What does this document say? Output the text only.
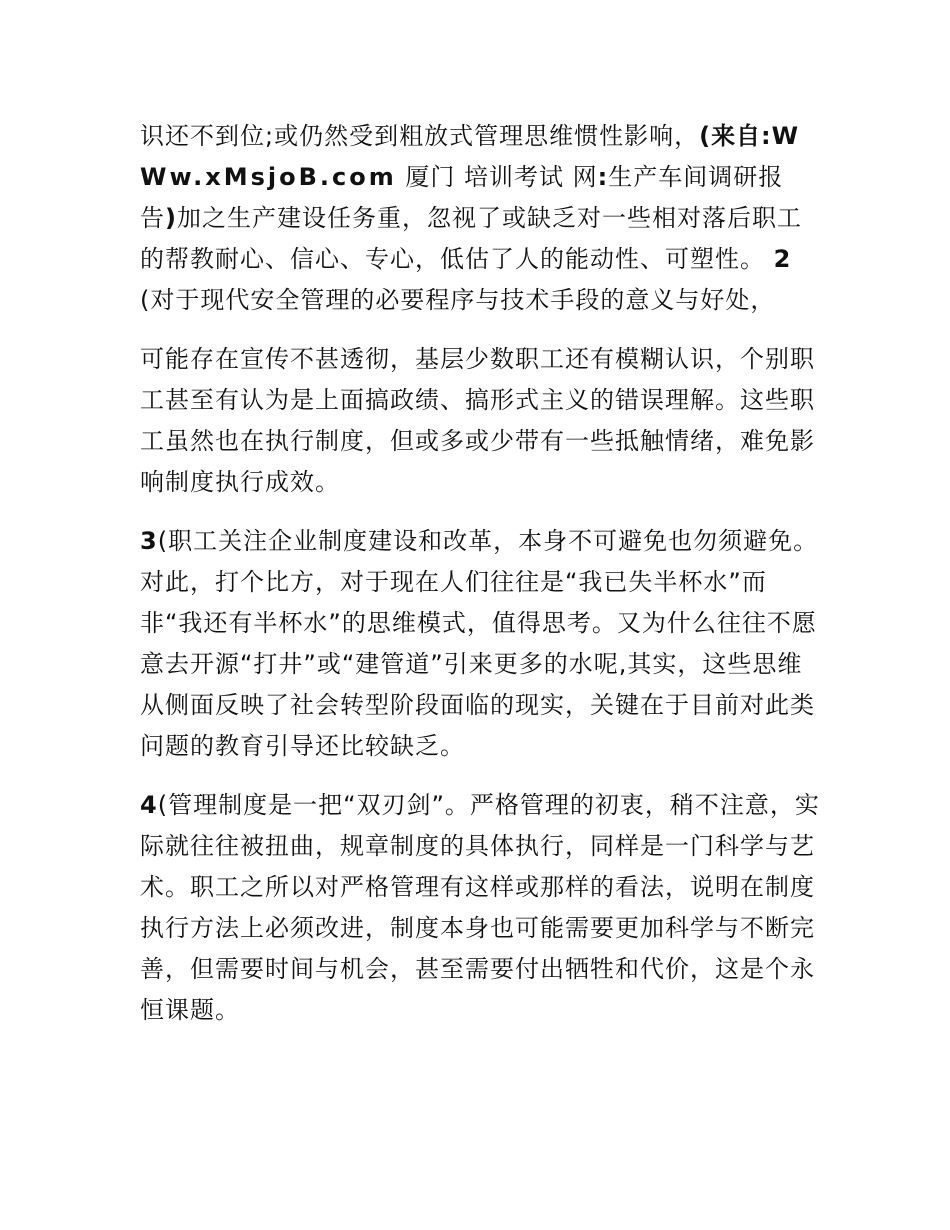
识还不到位;或仍然受到粗放式管理思维惯性影响，(来自:WWw.xMsjoB.com 厦门 培训考试 网:生产车间调研报告)加之生产建设任务重，忽视了或缺乏对一些相对落后职工的帮教耐心、信心、专心，低估了人的能动性、可塑性。 2(对于现代安全管理的必要程序与技术手段的意义与好处，

可能存在宣传不甚透彻，基层少数职工还有模糊认识，个别职工甚至有认为是上面搞政绩、搞形式主义的错误理解。这些职工虽然也在执行制度，但或多或少带有一些抵触情绪，难免影响制度执行成效。

3(职工关注企业制度建设和改革，本身不可避免也勿须避免。对此，打个比方，对于现在人们往往是“我已失半杯水”而非“我还有半杯水”的思维模式，值得思考。又为什么往往不愿意去开源“打井”或“建管道”引来更多的水呢,其实，这些思维从侧面反映了社会转型阶段面临的现实，关键在于目前对此类问题的教育引导还比较缺乏。

4(管理制度是一把“双刃剑”。严格管理的初衷，稍不注意，实际就往往被扭曲，规章制度的具体执行，同样是一门科学与艺术。职工之所以对严格管理有这样或那样的看法，说明在制度执行方法上必须改进，制度本身也可能需要更加科学与不断完善，但需要时间与机会，甚至需要付出牺牲和代价，这是个永恒课题。
